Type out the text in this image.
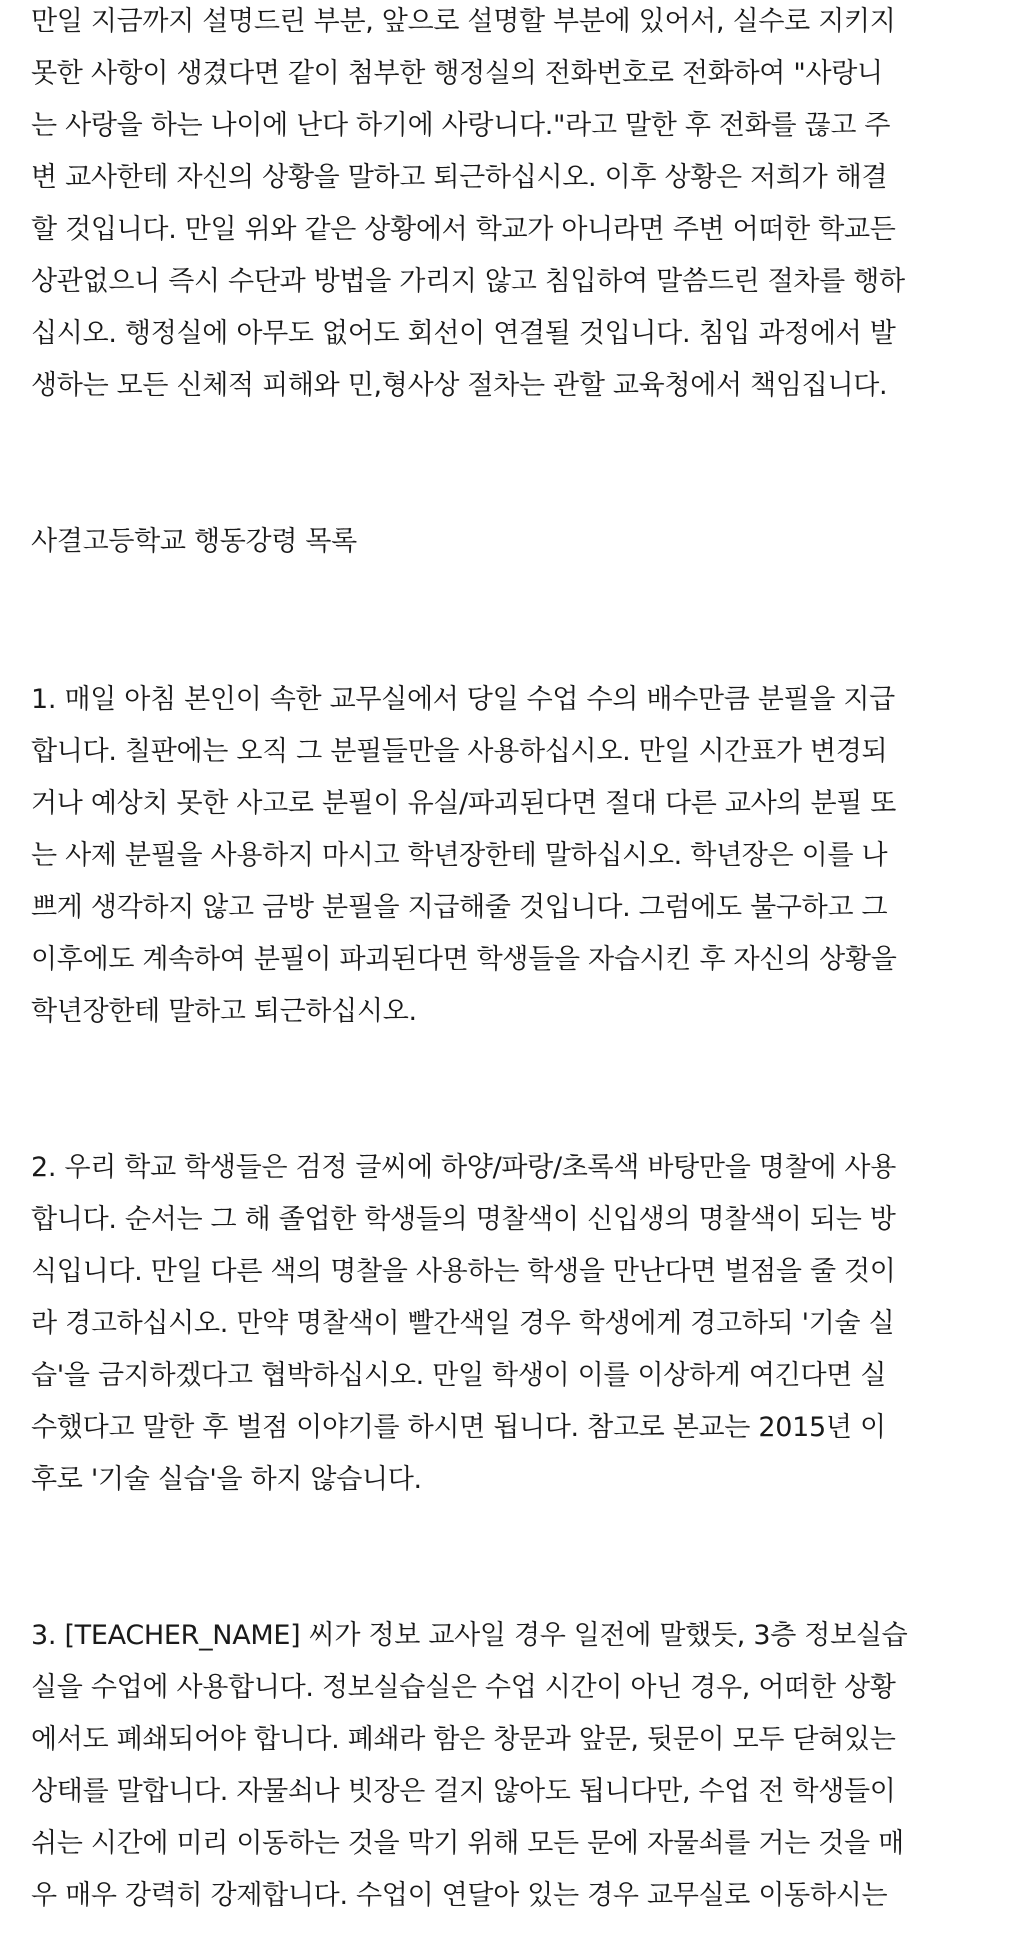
만일 지금까지 설명드린 부분, 앞으로 설명할 부분에 있어서, 실수로 지키지
못한 사항이 생겼다면 같이 첨부한 행정실의 전화번호로 전화하여 "사랑니
는 사랑을 하는 나이에 난다 하기에 사랑니다."라고 말한 후 전화를 끊고 주
변 교사한테 자신의 상황을 말하고 퇴근하십시오. 이후 상황은 저희가 해결
할 것입니다. 만일 위와 같은 상황에서 학교가 아니라면 주변 어떠한 학교든
상관없으니 즉시 수단과 방법을 가리지 않고 침입하여 말씀드린 절차를 행하
십시오. 행정실에 아무도 없어도 회선이 연결될 것입니다. 침입 과정에서 발
생하는 모든 신체적 피해와 민,형사상 절차는 관할 교육청에서 책임집니다.
사결고등학교 행동강령 목록
1. 매일 아침 본인이 속한 교무실에서 당일 수업 수의 배수만큼 분필을 지급
합니다. 칠판에는 오직 그 분필들만을 사용하십시오. 만일 시간표가 변경되
거나 예상치 못한 사고로 분필이 유실/파괴된다면 절대 다른 교사의 분필 또
는 사제 분필을 사용하지 마시고 학년장한테 말하십시오. 학년장은 이를 나
쁘게 생각하지 않고 금방 분필을 지급해줄 것입니다. 그럼에도 불구하고 그
이후에도 계속하여 분필이 파괴된다면 학생들을 자습시킨 후 자신의 상황을
학년장한테 말하고 퇴근하십시오.
2. 우리 학교 학생들은 검정 글씨에 하양/파랑/초록색 바탕만을 명찰에 사용
합니다. 순서는 그 해 졸업한 학생들의 명찰색이 신입생의 명찰색이 되는 방
식입니다. 만일 다른 색의 명찰을 사용하는 학생을 만난다면 벌점을 줄 것이
라 경고하십시오. 만약 명찰색이 빨간색일 경우 학생에게 경고하되 '기술 실
습'을 금지하겠다고 협박하십시오. 만일 학생이 이를 이상하게 여긴다면 실
수했다고 말한 후 벌점 이야기를 하시면 됩니다. 참고로 본교는 2015년 이
후로 '기술 실습'을 하지 않습니다.
3. [TEACHER_NAME] 씨가 정보 교사일 경우 일전에 말했듯, 3층 정보실습
실을 수업에 사용합니다. 정보실습실은 수업 시간이 아닌 경우, 어떠한 상황
에서도 폐쇄되어야 합니다. 폐쇄라 함은 창문과 앞문, 뒷문이 모두 닫혀있는
상태를 말합니다. 자물쇠나 빗장은 걸지 않아도 됩니다만, 수업 전 학생들이
쉬는 시간에 미리 이동하는 것을 막기 위해 모든 문에 자물쇠를 거는 것을 매
우 매우 강력히 강제합니다. 수업이 연달아 있는 경우 교무실로 이동하시는
